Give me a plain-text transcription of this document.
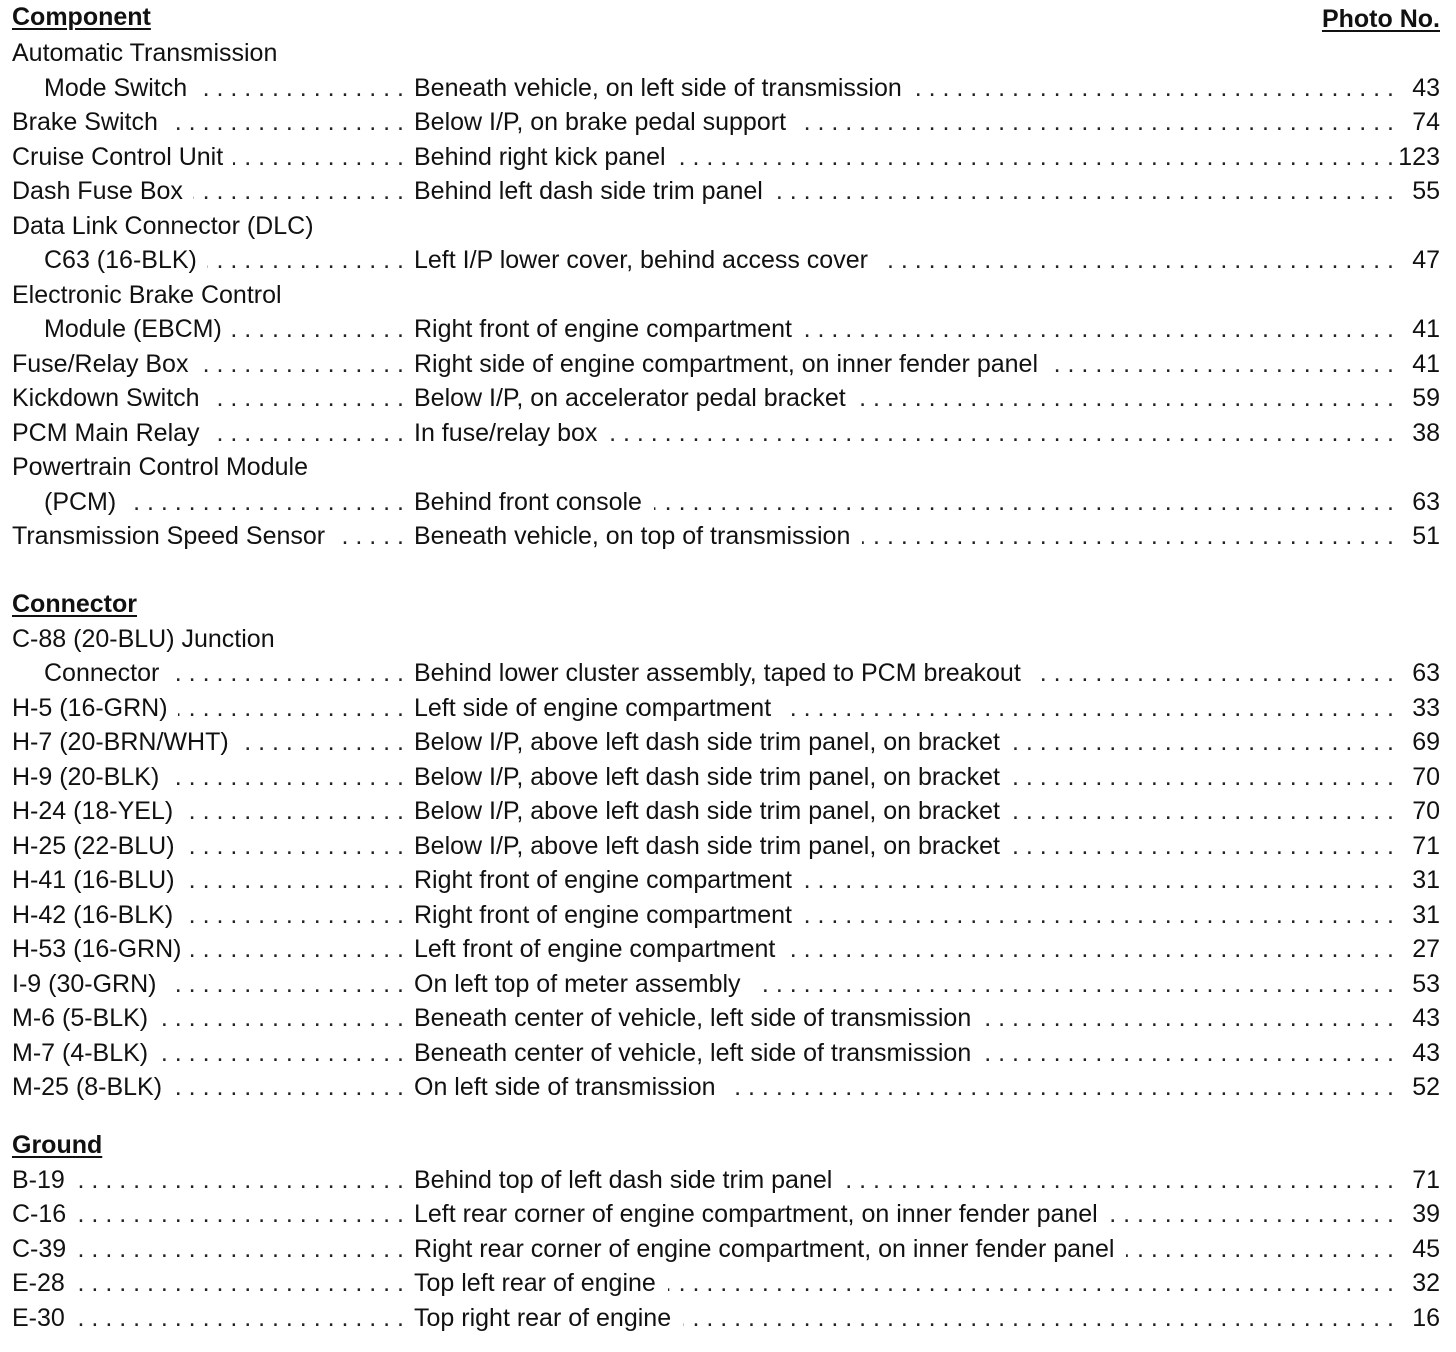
Component	Photo No.
Automatic Transmission
Mode Switch . . .	Beneath vehicle, on left side of transmission . . .	43
Brake Switch . . .	Below I/P, on brake pedal support . . .	74
Cruise Control Unit . . .	Behind right kick panel . . .	123
Dash Fuse Box . . .	Behind left dash side trim panel . . .	55
Data Link Connector (DLC)
C63 (16-BLK) . . .	Left I/P lower cover, behind access cover . . .	47
Electronic Brake Control
Module (EBCM) . . .	Right front of engine compartment . . .	41
Fuse/Relay Box . . .	Right side of engine compartment, on inner fender panel . . .	41
Kickdown Switch . . .	Below I/P, on accelerator pedal bracket . . .	59
PCM Main Relay . . .	In fuse/relay box . . .	38
Powertrain Control Module
(PCM) . . .	Behind front console . . .	63
Transmission Speed Sensor . . .	Beneath vehicle, on top of transmission . . .	51
Connector
C-88 (20-BLU) Junction
Connector . . .	Behind lower cluster assembly, taped to PCM breakout . . .	63
H-5 (16-GRN) . . .	Left side of engine compartment . . .	33
H-7 (20-BRN/WHT) . . .	Below I/P, above left dash side trim panel, on bracket . . .	69
H-9 (20-BLK) . . .	Below I/P, above left dash side trim panel, on bracket . . .	70
H-24 (18-YEL) . . .	Below I/P, above left dash side trim panel, on bracket . . .	70
H-25 (22-BLU) . . .	Below I/P, above left dash side trim panel, on bracket . . .	71
H-41 (16-BLU) . . .	Right front of engine compartment . . .	31
H-42 (16-BLK) . . .	Right front of engine compartment . . .	31
H-53 (16-GRN) . . .	Left front of engine compartment . . .	27
I-9 (30-GRN) . . .	On left top of meter assembly . . .	53
M-6 (5-BLK) . . .	Beneath center of vehicle, left side of transmission . . .	43
M-7 (4-BLK) . . .	Beneath center of vehicle, left side of transmission . . .	43
M-25 (8-BLK) . . .	On left side of transmission . . .	52
Ground
B-19 . . .	Behind top of left dash side trim panel . . .	71
C-16 . . .	Left rear corner of engine compartment, on inner fender panel . . .	39
C-39 . . .	Right rear corner of engine compartment, on inner fender panel . . .	45
E-28 . . .	Top left rear of engine . . .	32
E-30 . . .	Top right rear of engine . . .	16
